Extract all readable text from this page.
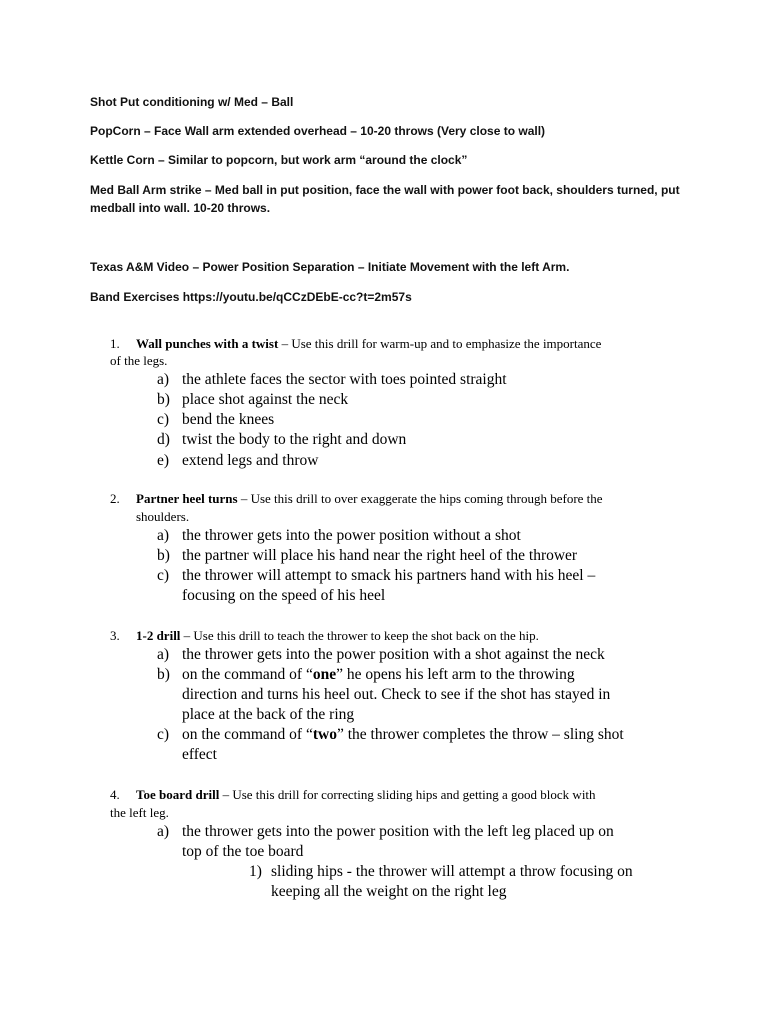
Shot Put conditioning w/ Med – Ball
PopCorn – Face Wall arm extended overhead – 10-20 throws (Very close to wall)
Kettle Corn – Similar to popcorn, but work arm “around the clock”
Med Ball Arm strike – Med ball in put position, face the wall with power foot back, shoulders turned, put
medball into wall. 10-20 throws.
Texas A&M Video – Power Position Separation – Initiate Movement with the left Arm.
Band Exercises https://youtu.be/qCCzDEbE-cc?t=2m57s
1. Wall punches with a twist – Use this drill for warm-up and to emphasize the importance
of the legs.
a) the athlete faces the sector with toes pointed straight
b) place shot against the neck
c) bend the knees
d) twist the body to the right and down
e) extend legs and throw
2. Partner heel turns – Use this drill to over exaggerate the hips coming through before the
shoulders.
a) the thrower gets into the power position without a shot
b) the partner will place his hand near the right heel of the thrower
c) the thrower will attempt to smack his partners hand with his heel –
focusing on the speed of his heel
3. 1-2 drill – Use this drill to teach the thrower to keep the shot back on the hip.
a) the thrower gets into the power position with a shot against the neck
b) on the command of “one” he opens his left arm to the throwing
direction and turns his heel out. Check to see if the shot has stayed in
place at the back of the ring
c) on the command of “two” the thrower completes the throw – sling shot
effect
4. Toe board drill – Use this drill for correcting sliding hips and getting a good block with
the left leg.
a) the thrower gets into the power position with the left leg placed up on
top of the toe board
1) sliding hips - the thrower will attempt a throw focusing on
keeping all the weight on the right leg
